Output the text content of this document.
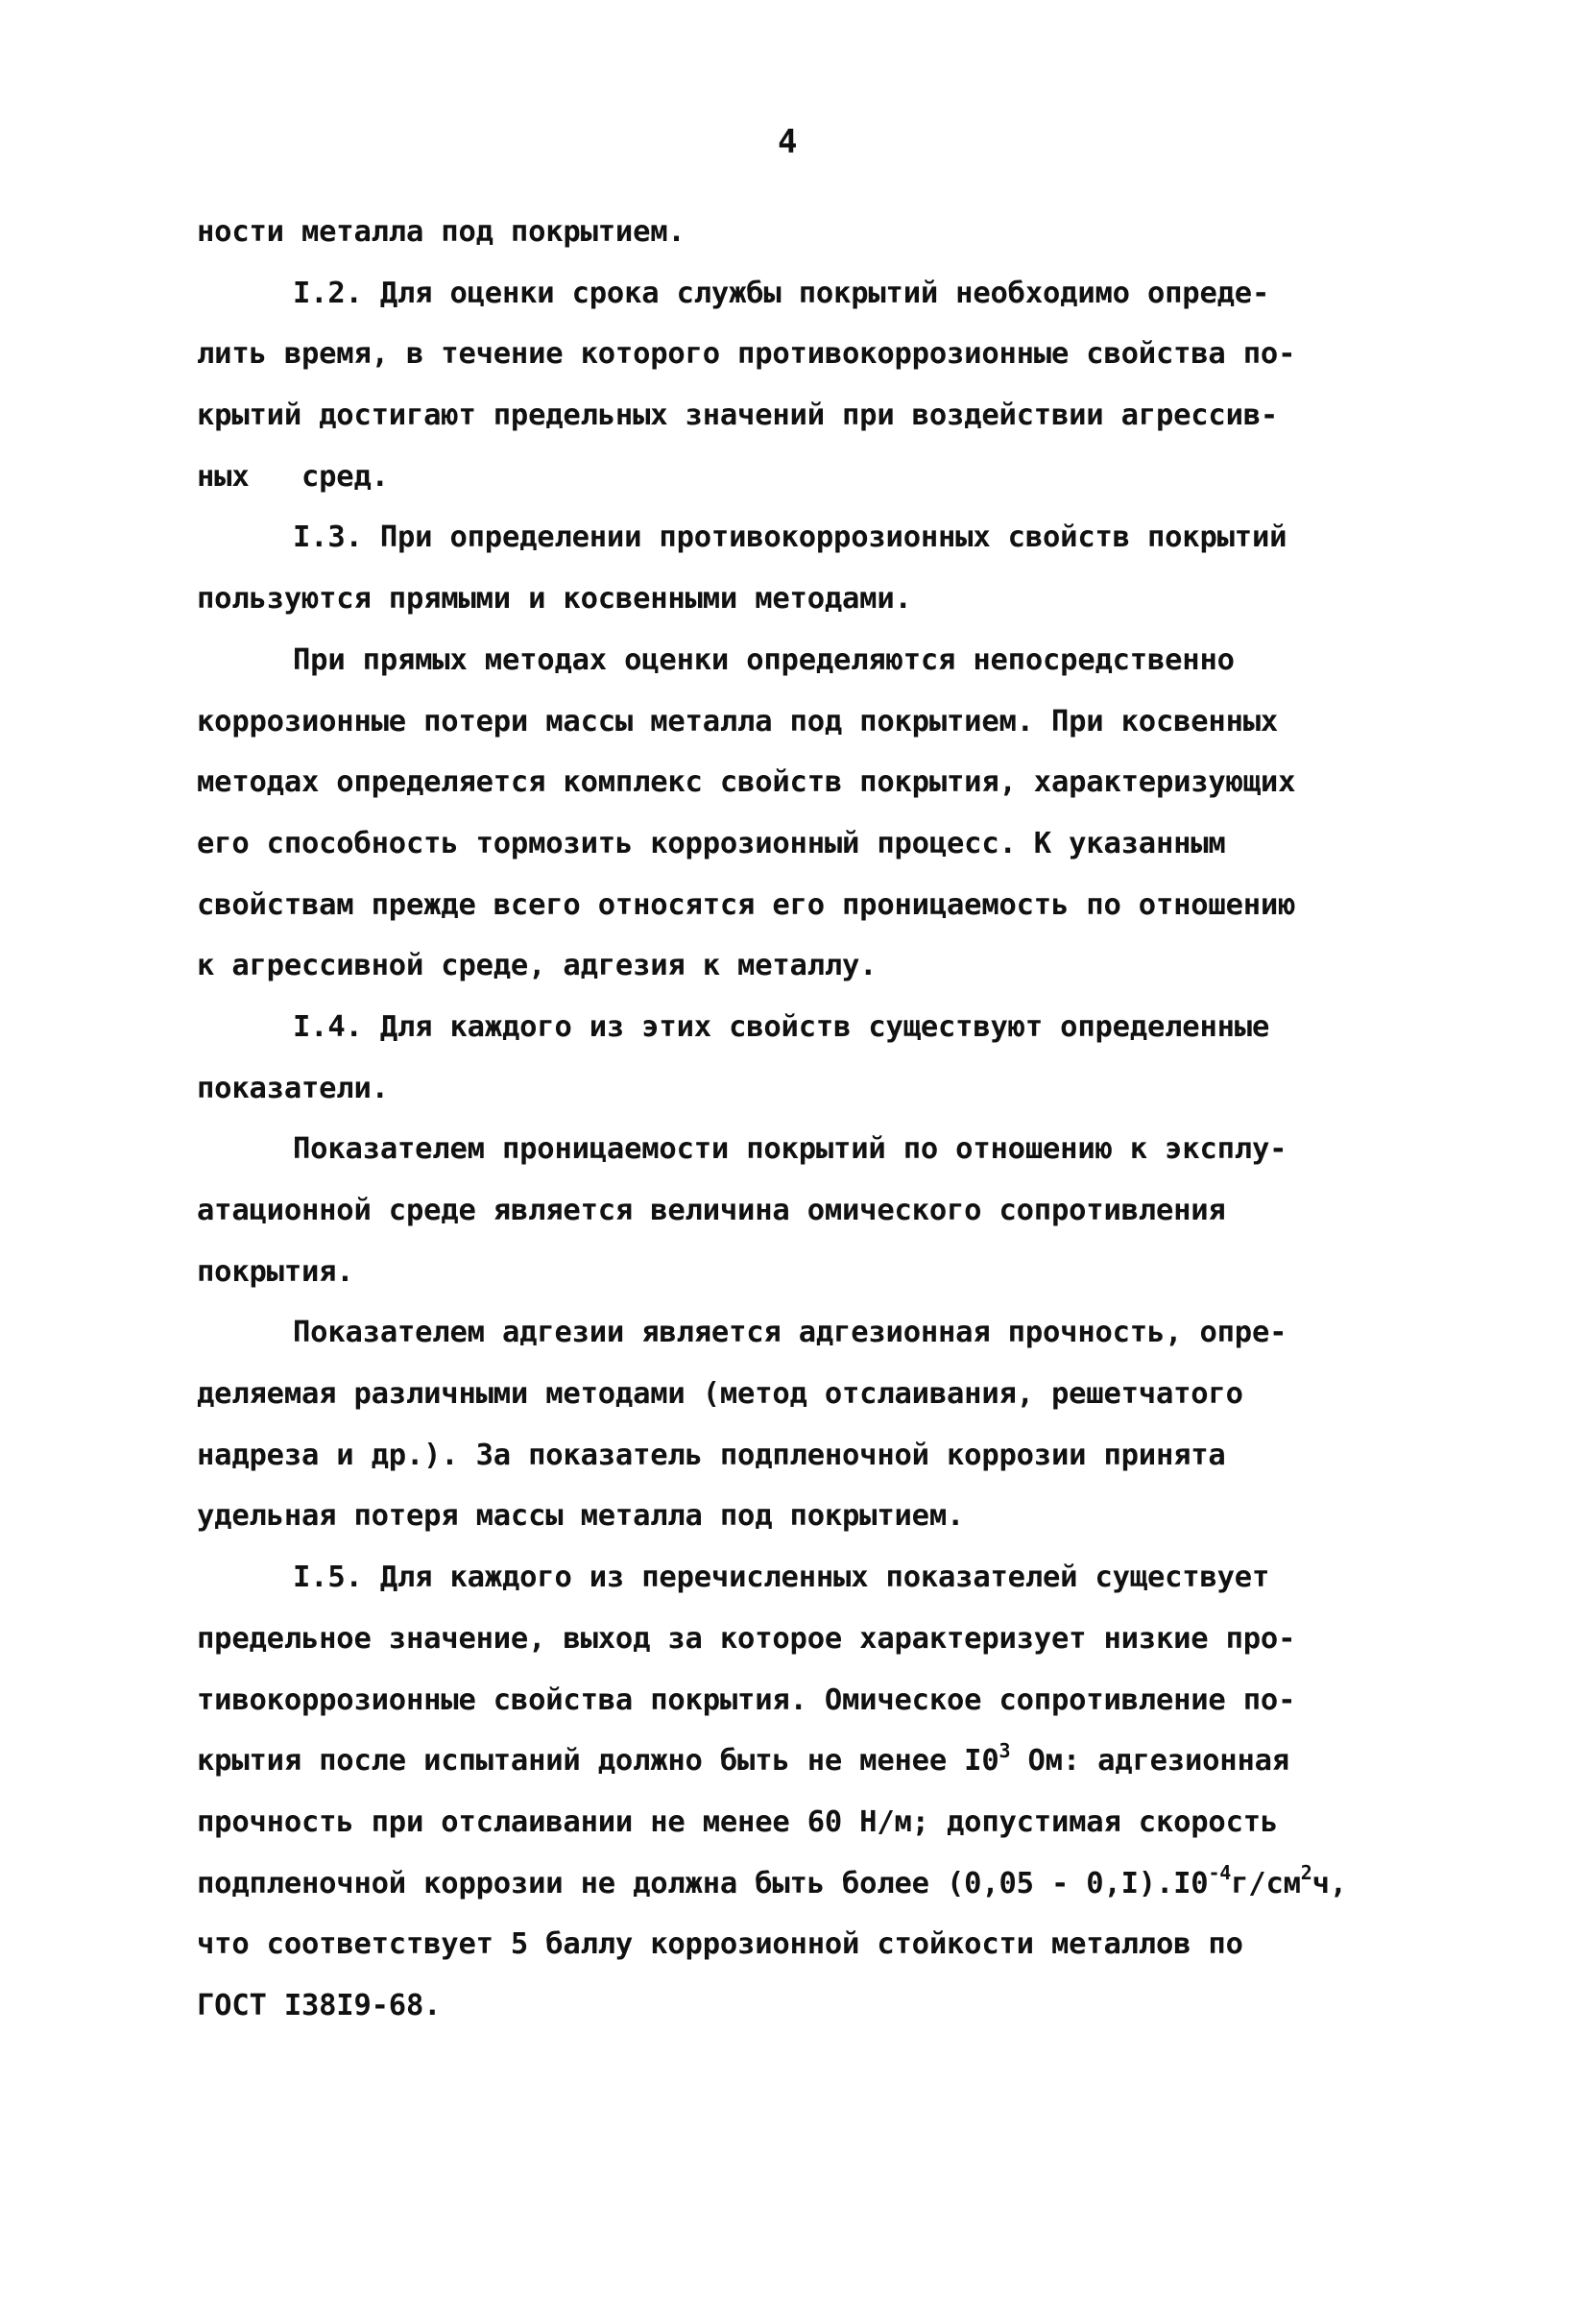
4
ности металла под покрытием.
I.2. Для оценки срока службы покрытий необходимо опреде-
лить время, в течение которого противокоррозионные свойства по-
крытий достигают предельных значений при воздействии агрессив-
ных   сред.
I.3. При определении противокоррозионных свойств покрытий
пользуются прямыми и косвенными методами.
При прямых методах оценки определяются непосредственно
коррозионные потери массы металла под покрытием. При косвенных
методах определяется комплекс свойств покрытия, характеризующих
его способность тормозить коррозионный процесс. К указанным
свойствам прежде всего относятся его проницаемость по отношению
к агрессивной среде, адгезия к металлу.
I.4. Для каждого из этих свойств существуют определенные
показатели.
Показателем проницаемости покрытий по отношению к эксплу-
атационной среде является величина омического сопротивления
покрытия.
Показателем адгезии является адгезионная прочность, опре-
деляемая различными методами (метод отслаивания, решетчатого
надреза и др.). За показатель подпленочной коррозии принята
удельная потеря массы металла под покрытием.
I.5. Для каждого из перечисленных показателей существует
предельное значение, выход за которое характеризует низкие про-
тивокоррозионные свойства покрытия. Омическое сопротивление по-
крытия после испытаний должно быть не менее $I0^3$ Ом: адгезионная
прочность при отслаивании не менее 60 Н/м; допустимая скорость
подпленочной коррозии не должна быть более $(0,05 - 0,I).I0^{-4}г/см^2ч$,
что соответствует 5 баллу коррозионной стойкости металлов по
ГОСТ I38I9-68.
